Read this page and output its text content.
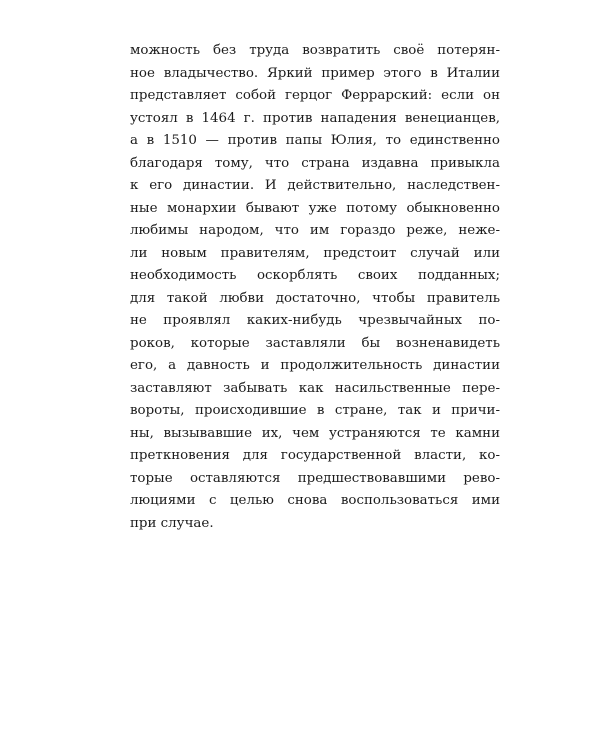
можность без труда возвратить своё потерян-
ное владычество. Яркий пример этого в Италии
представляет собой герцог Феррарский: если он
устоял в 1464 г. против нападения венецианцев,
а в 1510 — против папы Юлия, то единственно
благодаря тому, что страна издавна привыкла
к его династии. И действительно, наследствен-
ные монархии бывают уже потому обыкновенно
любимы народом, что им гораздо реже, неже-
ли новым правителям, предстоит случай или
необходимость оскорблять своих подданных;
для такой любви достаточно, чтобы правитель
не проявлял каких-нибудь чрезвычайных по-
роков, которые заставляли бы возненавидеть
его, а давность и продолжительность династии
заставляют забывать как насильственные пере-
вороты, происходившие в стране, так и причи-
ны, вызывавшие их, чем устраняются те камни
преткновения для государственной власти, ко-
торые оставляются предшествовавшими рево-
люциями с целью снова воспользоваться ими
при случае.
